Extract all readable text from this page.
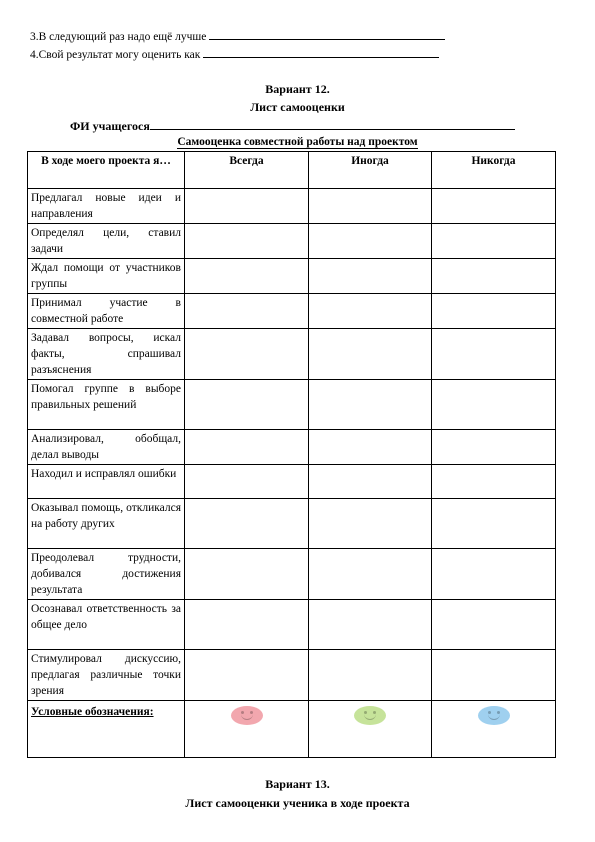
3.В следующий раз надо ещё лучше
4.Свой результат могу оценить как
Вариант 12.
Лист самооценки
ФИ учащегося
Самооценка совместной работы над проектом
В ходе моего проекта я…	Всегда	Иногда	Никогда
Предлагал новые идеи и направления			
Определял цели, ставил задачи			
Ждал помощи от участников группы			
Принимал участие в совместной работе			
Задавал вопросы, искал факты, спрашивал разъяснения			
Помогал группе в выборе правильных решений			
Анализировал, обобщал, делал выводы			
Находил и исправлял ошибки			
Оказывал помощь, откликался на работу других			
Преодолевал трудности, добивался достижения результата			
Осознавал ответственность за общее дело			
Стимулировал дискуссию, предлагая различные точки зрения			
Условные обозначения:	

Вариант 13.
Лист самооценки ученика в ходе проекта
